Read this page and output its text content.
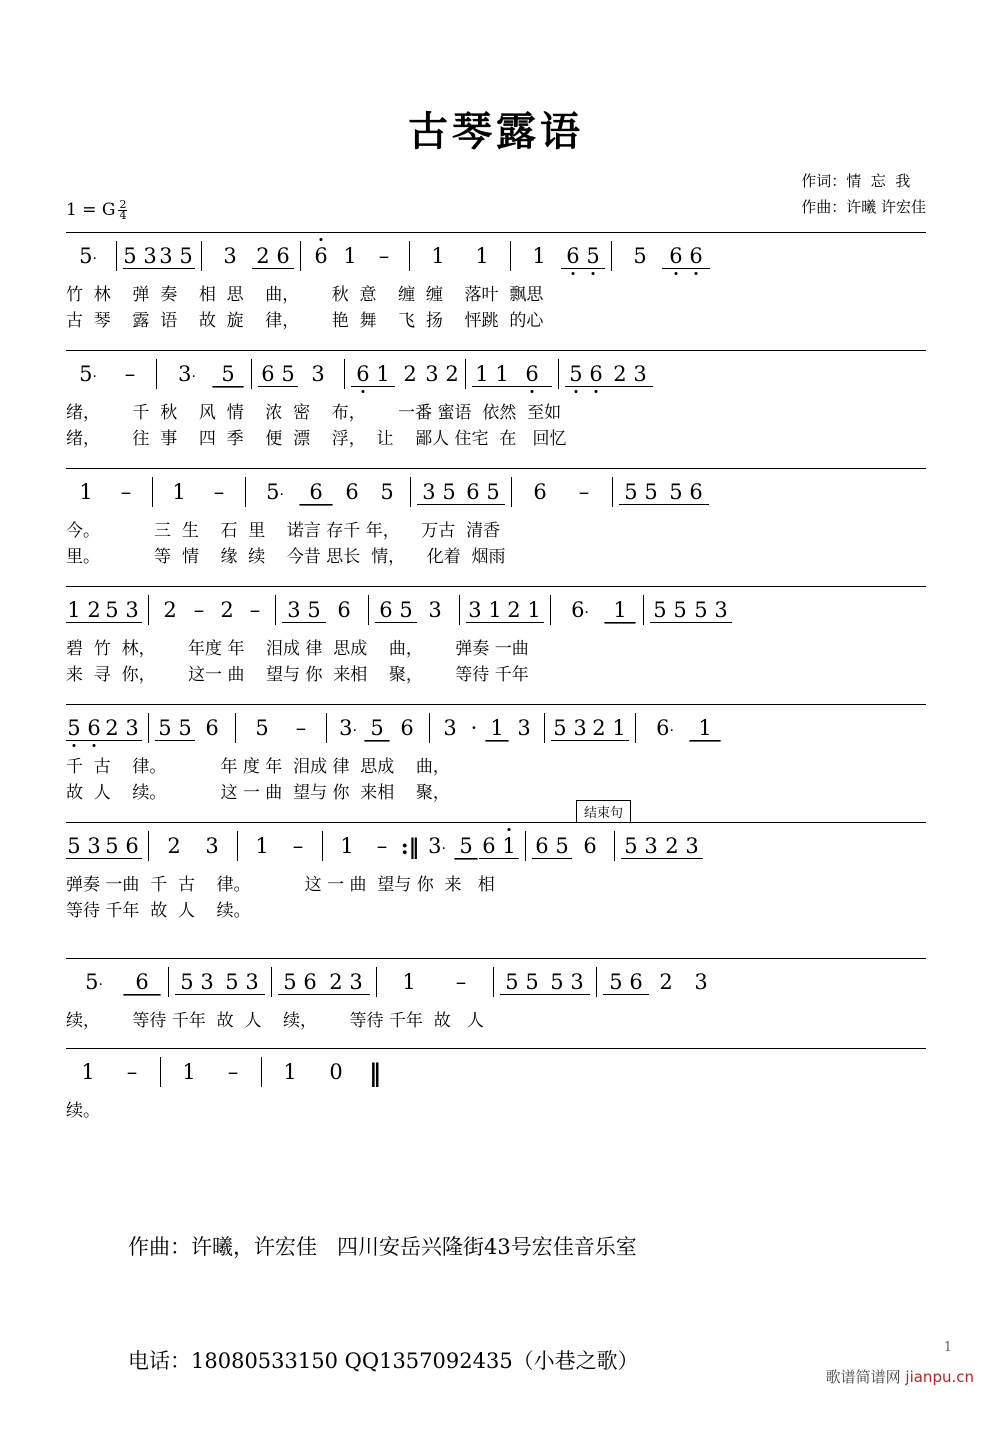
古琴露语
作词：情  忘  我
作曲：许曦 许宏佳
1 = G $\frac{2}{4}$
5·	5 3 3 5	3 2 6	6 1	–	1	1	1 6 5	5	6 6
竹  林    弹  奏    相  思    曲，      秋  意    缠  缠    落叶  飘思
古  琴    露  语    故  旋    律，      艳  舞    飞  扬    怦跳  的心
5·	–	3·	5	6 5 3	6 1 2 3 2 1 1 6	5 6 2 3
绪，      千  秋    风  情    浓  密    布，      一番 蜜语  依然  至如
绪，      往  事    四  季    便  漂    浮，  让    鄙人 住宅  在   回忆
1	–	1	–	5·	6	6	5	3 5 6 5	6	–	5 5 5 6
今。          三  生    石  里    诺言 存千 年，    万古  清香
里。          等  情    缘  续    今昔 思长  情，    化着  烟雨
1 2 5 3	2 – 2 –	3 5 6	6 5 3	3 1 2 1	6·	1	5 5 5 3
碧  竹  林，      年度 年    泪成 律  思成    曲，      弹奏 一曲
来  寻  你，      这一 曲    望与 你  来相    聚，      等待 千年
5 6 2 3 5 5 6	5	–	3· 5 6	3 · 1 3	5 3 2 1	6·	1
千  古    律。          年 度 年  泪成 律  思成    曲，
故  人    续。          这 一 曲  望与 你  来相    聚，
结束句
5 3 5 6	2	3	1	–	1	– :‖ 3· 5 6 1 6 5 6	5 3 2 3
弹奏 一曲  千  古    律。          这 一 曲  望与 你  来   相
等待 千年  故  人    续。
5·	6	5 3 5 3 5 6 2 3	1	–	5 5 5 3 5 6 2	3
续，      等待 千年  故  人    续，      等待 千年  故   人
1	–	1	–	1	0	‖
续。

作曲：许曦，许宏佳   四川安岳兴隆街43号宏佳音乐室

电话：18080533150 QQ1357092435（小巷之歌）

1
歌谱简谱网 jianpu.cn
